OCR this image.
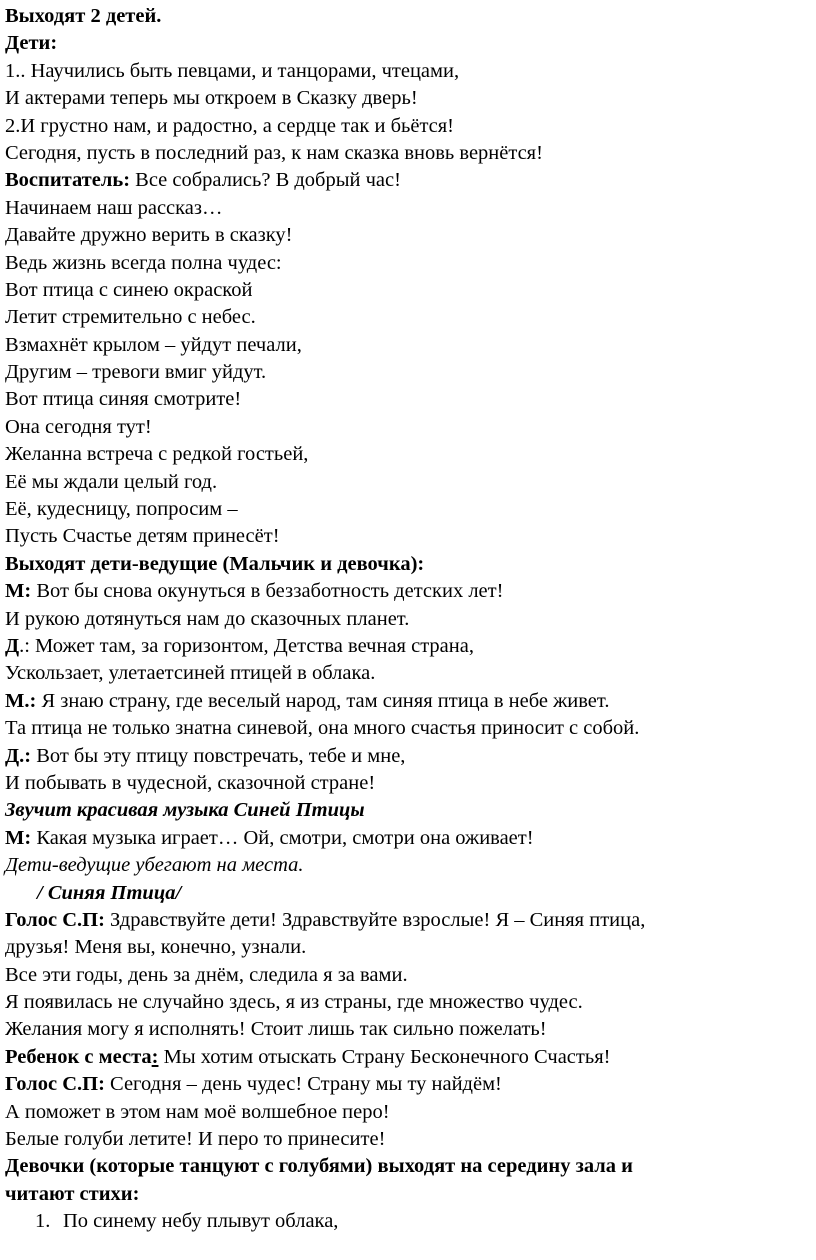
Выходят 2 детей.
Дети:
1.. Научились быть певцами, и танцорами, чтецами,
И актерами теперь мы откроем в Сказку дверь!
2.И грустно нам, и радостно, а сердце так и бьётся!
Сегодня, пусть в последний раз, к нам сказка вновь вернётся!
Воспитатель: Все собрались? В добрый час!
Начинаем наш рассказ…
Давайте дружно верить в сказку!
Ведь жизнь всегда полна чудес:
Вот птица с синею окраской
Летит стремительно с небес.
Взмахнёт крылом – уйдут печали,
Другим – тревоги вмиг уйдут.
Вот птица синяя смотрите!
Она сегодня тут!
Желанна встреча с редкой гостьей,
Её мы ждали целый год.
Её, кудесницу, попросим –
Пусть Счастье детям принесёт!
Выходят дети-ведущие (Мальчик и девочка):
М: Вот бы снова окунуться в беззаботность детских лет!
И рукою дотянуться нам до сказочных планет.
Д.: Может там, за горизонтом, Детства вечная страна,
Ускользает, улетаетсиней птицей в облака.
М.: Я знаю страну, где веселый народ, там синяя птица в небе живет.
Та птица не только знатна синевой, она много счастья приносит с собой.
Д.: Вот бы эту птицу повстречать, тебе и мне,
И побывать в чудесной, сказочной стране!
Звучит красивая музыка Синей Птицы
М: Какая музыка играет… Ой, смотри, смотри она оживает!
Дети-ведущие убегают на места.
/ Синяя Птица/
Голос С.П: Здравствуйте дети! Здравствуйте взрослые! Я – Синяя птица,
друзья! Меня вы, конечно, узнали.
Все эти годы, день за днём, следила я за вами.
Я появилась не случайно здесь, я из страны, где множество чудес.
Желания могу я исполнять! Стоит лишь так сильно пожелать!
Ребенок с места: Мы хотим отыскать Страну Бесконечного Счастья!
Голос С.П: Сегодня – день чудес! Страну мы ту найдём!
А поможет в этом нам моё волшебное перо!
Белые голуби летите! И перо то принесите!
Девочки (которые танцуют с голубями) выходят на середину зала и
читают стихи:
1. По синему небу плывут облака,
